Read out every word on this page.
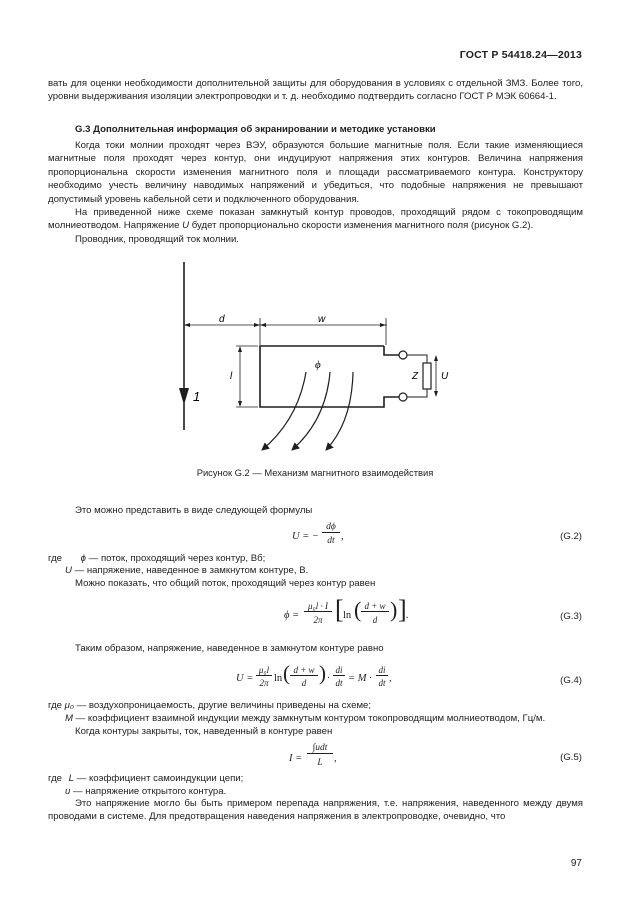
ГОСТ Р 54418.24—2013

вать для оценки необходимости дополнительной защиты для оборудования в условиях с отдельной ЗМЗ. Более того, уровни выдерживания изоляции электропроводки и т. д. необходимо подтвердить согласно ГОСТ Р МЭК 60664-1.

G.3 Дополнительная информация об экранировании и методике установки

Когда токи молнии проходят через ВЭУ, образуются большие магнитные поля. Если такие изменяющиеся магнитные поля проходят через контур, они индуцируют напряжения этих контуров. Величина напряжения пропорциональна скорости изменения магнитного поля и площади рассматриваемого контура. Конструктору необходимо учесть величину наводимых напряжений и убедиться, что подобные напряжения не превышают допустимый уровень кабельной сети и подключенного оборудования.

На приведенной ниже схеме показан замкнутый контур проводов, проходящий рядом с токопроводящим молниеотводом. Напряжение U будет пропорционально скорости изменения магнитного поля (рисунок G.2).

Проводник, проводящий ток молнии.

d	w
l
ϕ
Z U
1
Рисунок G.2 — Механизм магнитного взаимодействия
Это можно представить в виде следующей формулы
U = −
dϕ
dt ,	(G.2)
где ϕ — поток, проходящий через контур, Вб;
U — напряжение, наведенное в замкнутом контуре, В.
Можно показать, что общий поток, проходящий через контур равен
ϕ =
μ₀l · I
2π [ ln ( d + w
d ) ] .	(G.3)
Таким образом, напряжение, наведенное в замкнутом контуре равно
U =
μ₀l
2π ln ( d + w
d ) ·
di
dt = M ·
di
dt ,	(G.4)
где μ₀ — воздухопроницаемость, другие величины приведены на схеме;
M — коэффициент взаимной индукции между замкнутым контуром токопроводящим молниеотводом, Гц/м.
Когда контуры закрыты, ток, наведенный в контуре равен
I =
∫udt
L	,	(G.5)
где L — коэффициент самоиндукции цепи;
u — напряжение открытого контура.

Это напряжение могло бы быть примером перепада напряжения, т.е. напряжения, наведенного между двумя проводами в системе. Для предотвращения наведения напряжения в электропроводке, очевидно, что

97
